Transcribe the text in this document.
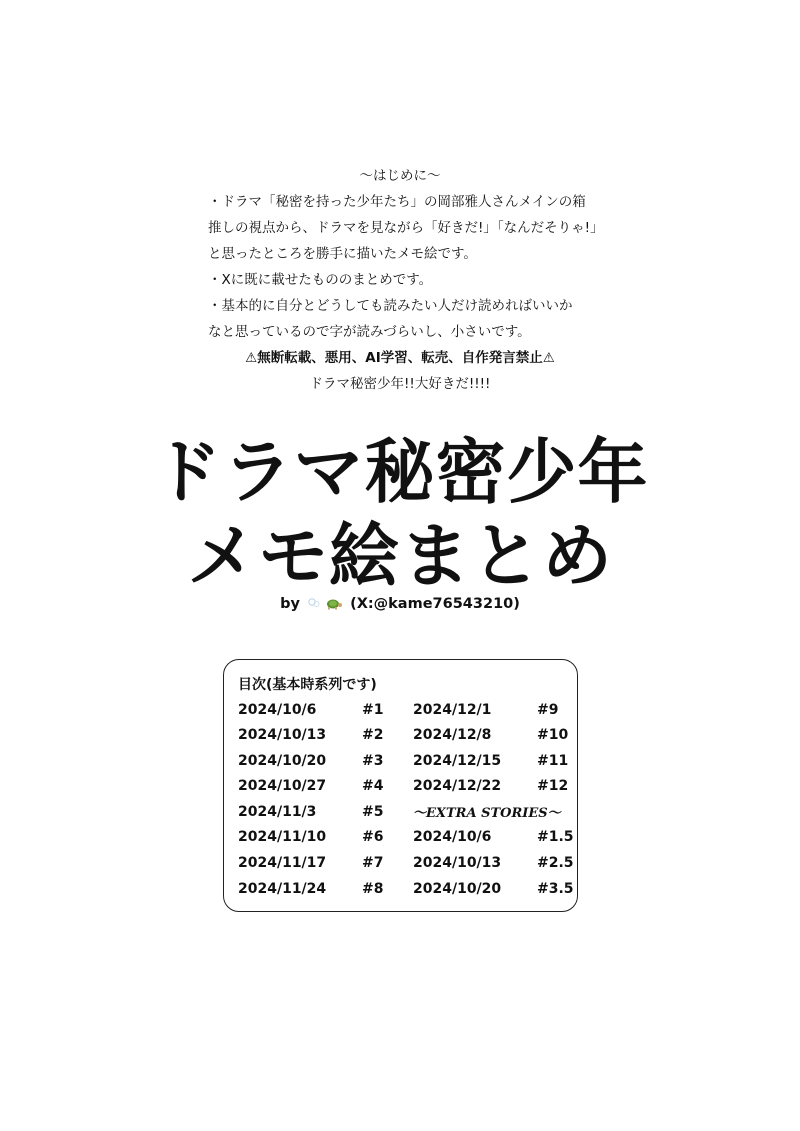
〜はじめに〜
・ドラマ「秘密を持った少年たち」の岡部雅人さんメインの箱
推しの視点から、ドラマを見ながら「好きだ!」「なんだそりゃ!」
と思ったところを勝手に描いたメモ絵です。
・Xに既に載せたもののまとめです。
・基本的に自分とどうしても読みたい人だけ読めればいいか
なと思っているので字が読みづらいし、小さいです。
⚠無断転載、悪用、AI学習、転売、自作発言禁止⚠
ドラマ秘密少年!!大好きだ!!!!
ドラマ秘密少年
メモ絵まとめ
by	(X:@kame76543210)
目次(基本時系列です)
2024/10/6	#1
2024/10/13	#2
2024/10/20	#3
2024/10/27	#4
2024/11/3	#5
2024/11/10	#6
2024/11/17	#7
2024/11/24	#8
2024/12/1	#9
2024/12/8	#10
2024/12/15	#11
2024/12/22	#12
～EXTRA STORIES～
2024/10/6	#1.5
2024/10/13	#2.5
2024/10/20	#3.5
